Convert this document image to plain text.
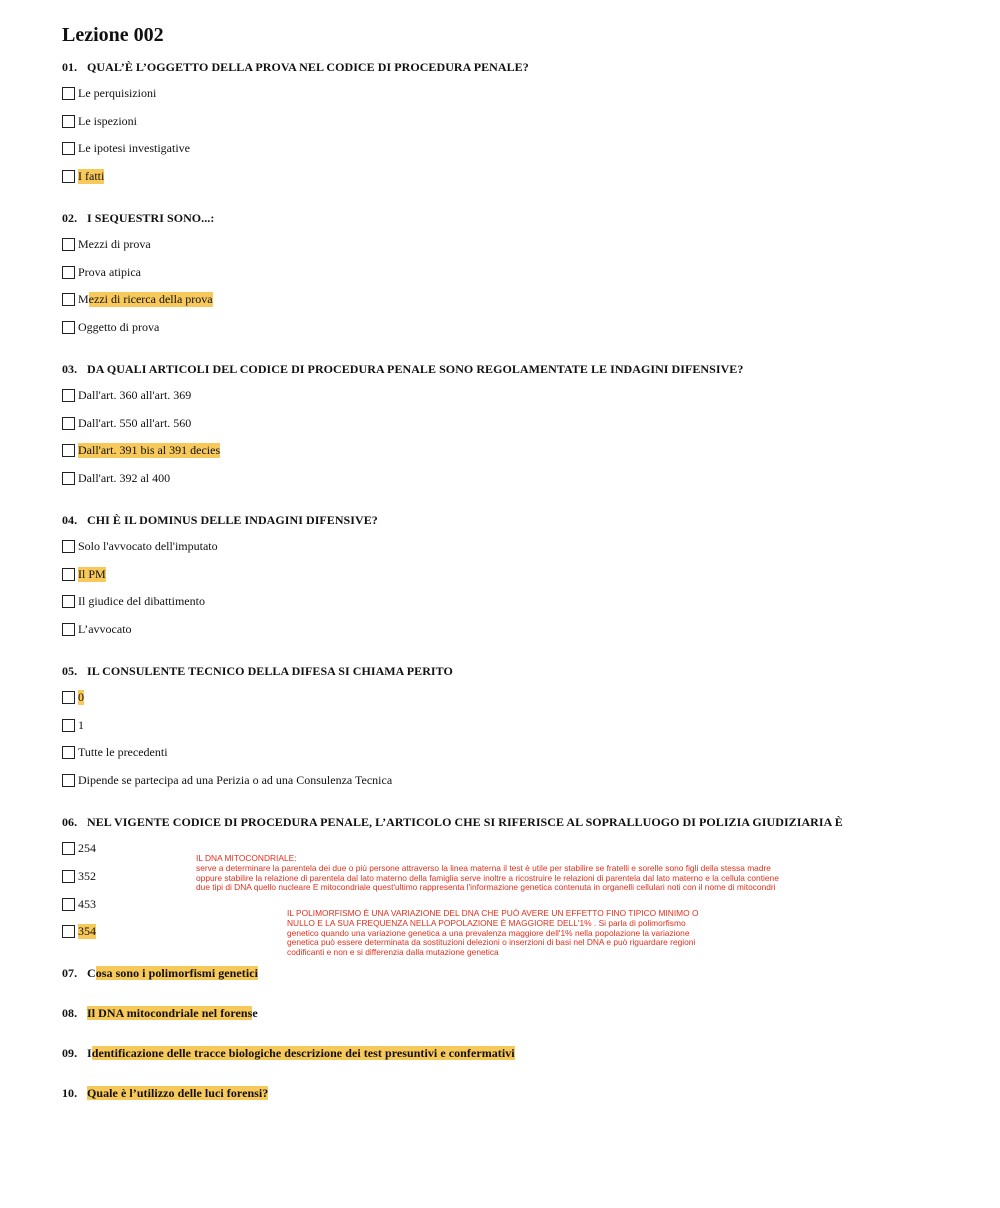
Lezione 002
01. QUAL’È L’OGGETTO DELLA PROVA NEL CODICE DI PROCEDURA PENALE?
Le perquisizioni
Le ispezioni
Le ipotesi investigative
I fatti
02. I SEQUESTRI SONO...:
Mezzi di prova
Prova atipica
M ezzi di ricerca della prova
Oggetto di prova
03. DA QUALI ARTICOLI DEL CODICE DI PROCEDURA PENALE SONO REGOLAMENTATE LE INDAGINI DIFENSIVE?
Dall'art. 360 all'art. 369
Dall'art. 550 all'art. 560
Dall'art. 391 bis al 391 decies
Dall'art. 392 al 400
04. CHI È IL DOMINUS DELLE INDAGINI DIFENSIVE?
Solo l'avvocato dell'imputato
Il PM
Il giudice del dibattimento
L’avvocato
05. IL CONSULENTE TECNICO DELLA DIFESA SI CHIAMA PERITO
0
1
Tutte le precedenti
Dipende se partecipa ad una Perizia o ad una Consulenza Tecnica
06. NEL VIGENTE CODICE DI PROCEDURA PENALE, L’ARTICOLO CHE SI RIFERISCE AL SOPRALLUOGO DI POLIZIA GIUDIZIARIA È
254
352
453
354
IL DNA MITOCONDRIALE:
serve a determinare la parentela dei due o più persone attraverso la linea materna il test è utile per stabilire se fratelli e sorelle sono figli della stessa madre
oppure stabilire la relazione di parentela dal lato materno della famiglia serve inoltre a ricostruire le relazioni di parentela dal lato materno e la cellula contiene
due tipi di DNA quello nucleare E mitocondriale quest'ultimo rappresenta l'informazione genetica contenuta in organelli cellulari noti con il nome di mitocondri
IL POLIMORFISMO È UNA VARIAZIONE DEL DNA CHE PUÒ AVERE UN EFFETTO FINO TIPICO MINIMO O
NULLO E LA SUA FREQUENZA NELLA POPOLAZIONE È MAGGIORE DELL'1% . Si parla di polimorfismo
genetico quando una variazione genetica a una prevalenza maggiore dell'1% nella popolazione la variazione
genetica può essere determinata da sostituzioni delezioni o inserzioni di basi nel DNA e può riguardare regioni
codificanti e non e si differenzia dalla mutazione genetica
07. Cosa sono i polimorfismi genetici
08. Il DNA mitocondriale nel forense
09. Identificazione delle tracce biologiche descrizione dei test presuntivi e confermativi
10. Quale è l’utilizzo delle luci forensi?
